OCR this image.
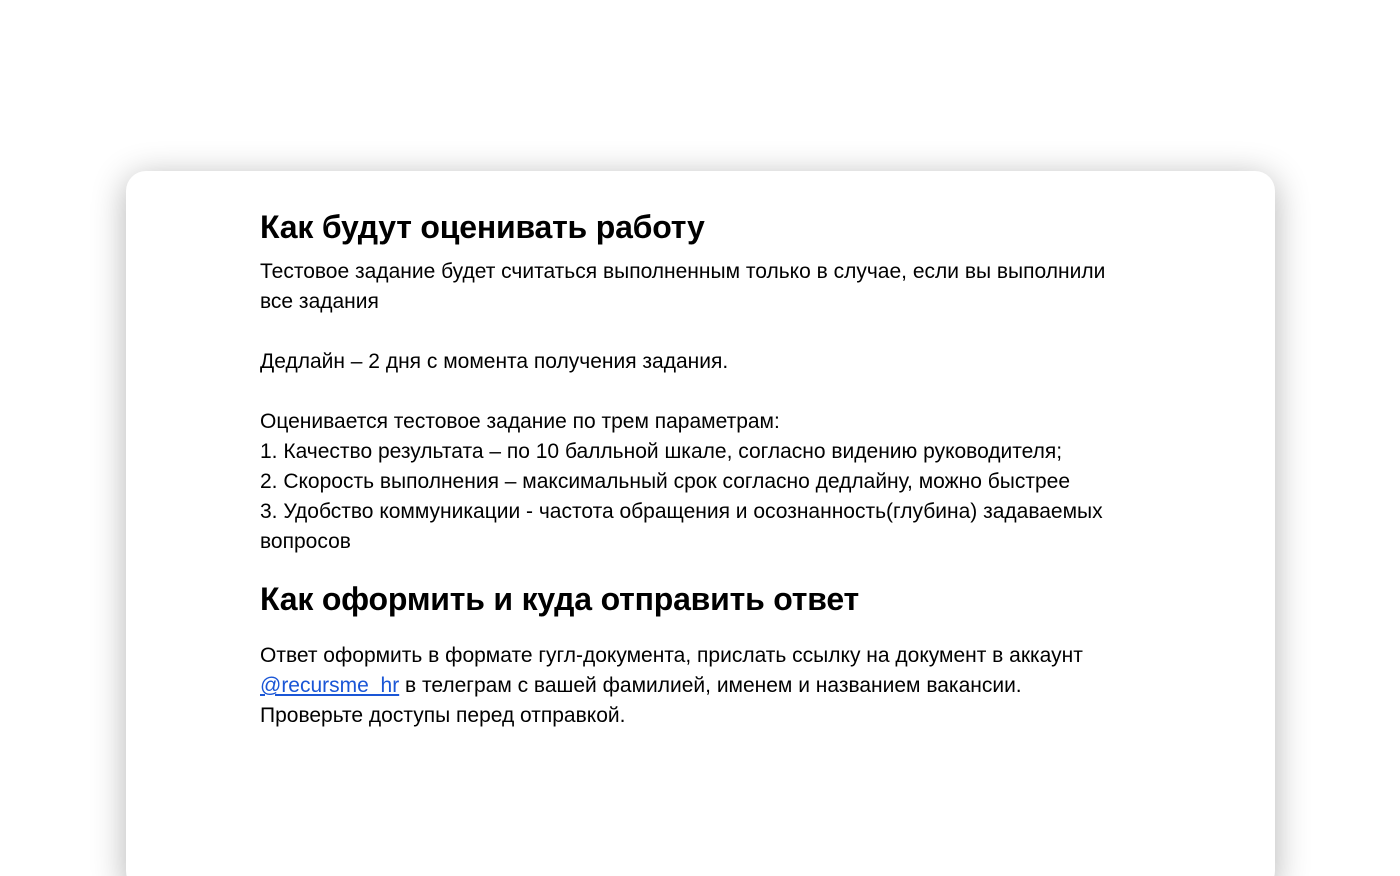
Как будут оценивать работу

Тестовое задание будет считаться выполненным только в случае, если вы выполнили все задания

Дедлайн – 2 дня с момента получения задания.

Оценивается тестовое задание по трем параметрам:

1. Качество результата – по 10 балльной шкале, согласно видению руководителя;

2. Скорость выполнения – максимальный срок согласно дедлайну, можно быстрее

3. Удобство коммуникации - частота обращения и осознанность(глубина) задаваемых вопросов

Как оформить и куда отправить ответ

Ответ оформить в формате гугл-документа, прислать ссылку на документ в аккаунт @recursme_hr в телеграм с вашей фамилией, именем и названием вакансии. Проверьте доступы перед отправкой.
